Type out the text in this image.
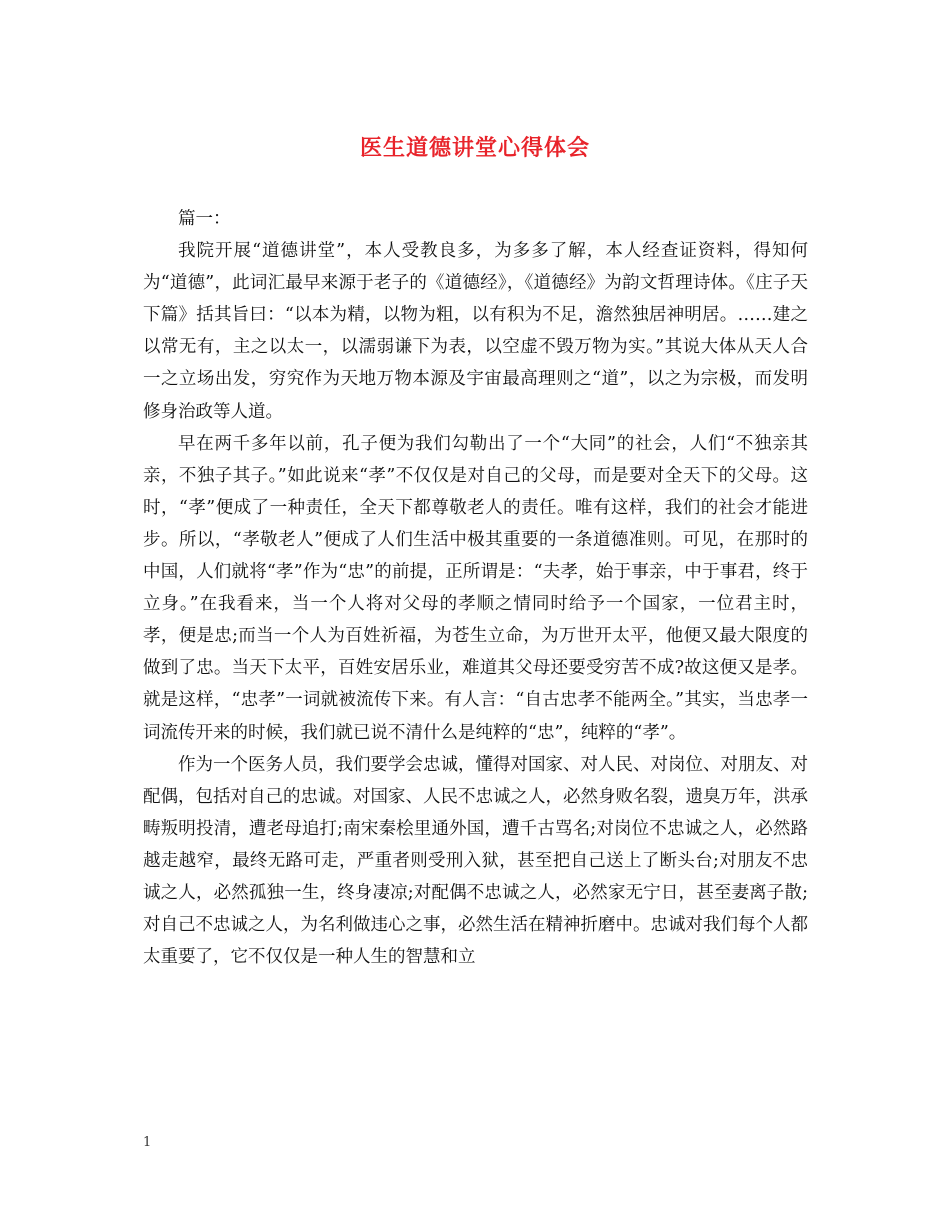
医生道德讲堂心得体会

篇一：

我院开展“道德讲堂”，本人受教良多，为多多了解，本人经查证资料，得知何为“道德”，此词汇最早来源于老子的《道德经》，《道德经》为韵文哲理诗体。《庄子天下篇》括其旨曰：“以本为精，以物为粗，以有积为不足，澹然独居神明居。……建之以常无有，主之以太一，以濡弱谦下为表，以空虚不毁万物为实。”其说大体从天人合一之立场出发，穷究作为天地万物本源及宇宙最高理则之“道”，以之为宗极，而发明修身治政等人道。

早在两千多年以前，孔子便为我们勾勒出了一个“大同”的社会，人们“不独亲其亲，不独子其子。”如此说来“孝”不仅仅是对自己的父母，而是要对全天下的父母。这时，“孝”便成了一种责任，全天下都尊敬老人的责任。唯有这样，我们的社会才能进步。所以，“孝敬老人”便成了人们生活中极其重要的一条道德准则。可见，在那时的中国，人们就将“孝”作为“忠”的前提，正所谓是：“夫孝，始于事亲，中于事君，终于立身。”在我看来，当一个人将对父母的孝顺之情同时给予一个国家，一位君主时，孝，便是忠;而当一个人为百姓祈福，为苍生立命，为万世开太平，他便又最大限度的做到了忠。当天下太平，百姓安居乐业，难道其父母还要受穷苦不成?故这便又是孝。就是这样，“忠孝”一词就被流传下来。有人言：“自古忠孝不能两全。”其实，当忠孝一词流传开来的时候，我们就已说不清什么是纯粹的“忠”，纯粹的“孝”。

作为一个医务人员，我们要学会忠诚，懂得对国家、对人民、对岗位、对朋友、对配偶，包括对自己的忠诚。对国家、人民不忠诚之人，必然身败名裂，遗臭万年，洪承畴叛明投清，遭老母追打;南宋秦桧里通外国，遭千古骂名;对岗位不忠诚之人，必然路越走越窄，最终无路可走，严重者则受刑入狱，甚至把自己送上了断头台;对朋友不忠诚之人，必然孤独一生，终身凄凉;对配偶不忠诚之人，必然家无宁日，甚至妻离子散;对自己不忠诚之人，为名利做违心之事，必然生活在精神折磨中。忠诚对我们每个人都太重要了，它不仅仅是一种人生的智慧和立

1
